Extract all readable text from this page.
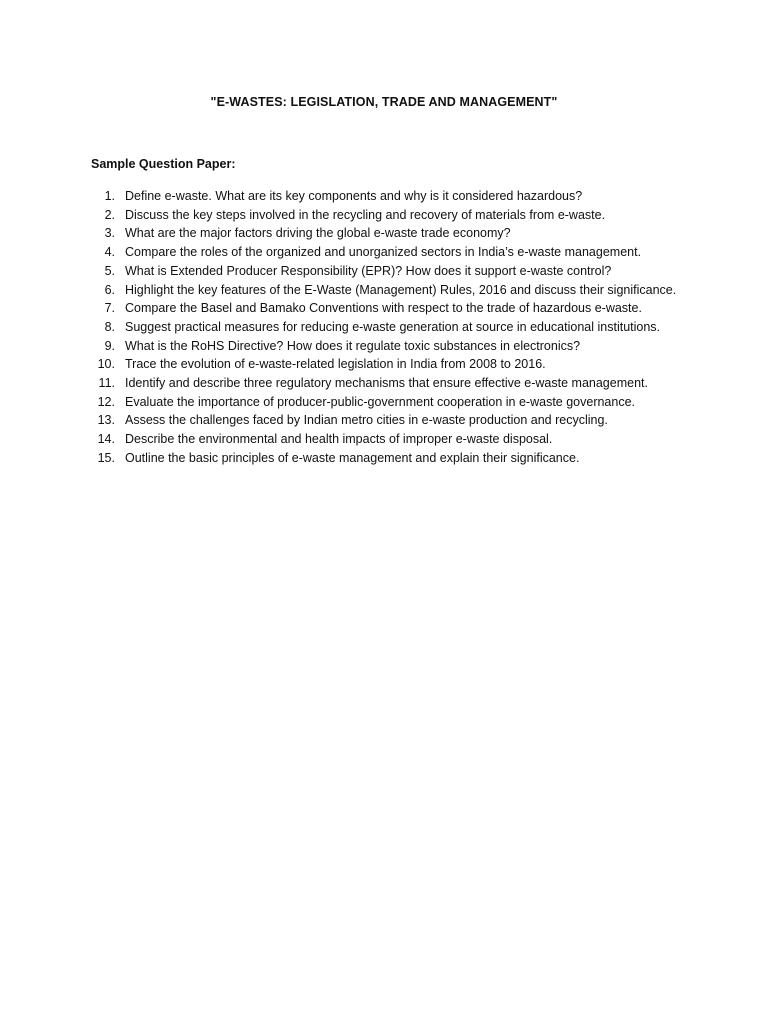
"E-WASTES: LEGISLATION, TRADE AND MANAGEMENT"
Sample Question Paper:
1. Define e-waste. What are its key components and why is it considered hazardous?
2. Discuss the key steps involved in the recycling and recovery of materials from e-waste.
3. What are the major factors driving the global e-waste trade economy?
4. Compare the roles of the organized and unorganized sectors in India’s e-waste management.
5. What is Extended Producer Responsibility (EPR)? How does it support e-waste control?
6. Highlight the key features of the E-Waste (Management) Rules, 2016 and discuss their significance.
7. Compare the Basel and Bamako Conventions with respect to the trade of hazardous e-waste.
8. Suggest practical measures for reducing e-waste generation at source in educational institutions.
9. What is the RoHS Directive? How does it regulate toxic substances in electronics?
10. Trace the evolution of e-waste-related legislation in India from 2008 to 2016.
11. Identify and describe three regulatory mechanisms that ensure effective e-waste management.
12. Evaluate the importance of producer-public-government cooperation in e-waste governance.
13. Assess the challenges faced by Indian metro cities in e-waste production and recycling.
14. Describe the environmental and health impacts of improper e-waste disposal.
15. Outline the basic principles of e-waste management and explain their significance.
